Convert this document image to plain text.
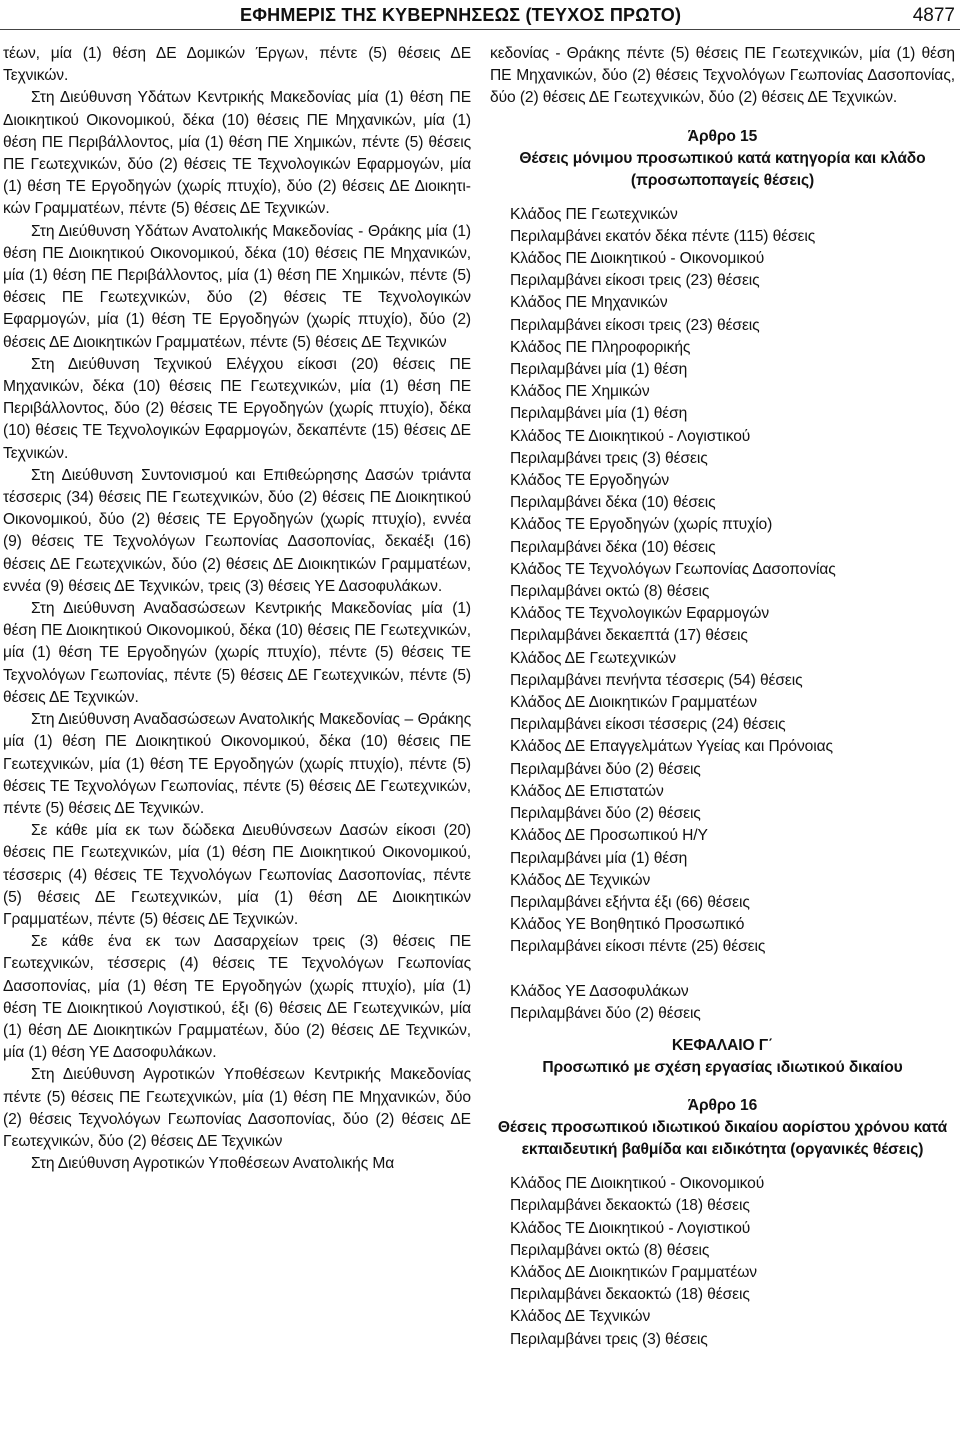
ΕΦΗΜΕΡΙΣ ΤΗΣ ΚΥΒΕΡΝΗΣΕΩΣ (ΤΕΥΧΟΣ ΠΡΩΤΟ)	4877
τέων, μία (1) θέση ΔΕ Δομικών Έργων, πέντε (5) θέσεις ΔΕ Τεχνικών.
Στη Διεύθυνση Υδάτων Κεντρικής Μακεδονίας μία (1) θέση ΠΕ Διοικητικού Οικονομικού, δέκα (10) θέσεις ΠΕ Μηχανικών, μία (1) θέση ΠΕ Περιβάλλοντος, μία (1) θέση ΠΕ Χημικών, πέντε (5) θέσεις ΠΕ Γεωτεχνικών, δύο (2) θέσεις ΤΕ Τεχνολογικών Εφαρμογών, μία (1) θέση ΤΕ Εργοδηγών (χωρίς πτυχίο), δύο (2) θέσεις ΔΕ Διοικητικών Γραμματέων, πέντε (5) θέσεις ΔΕ Τεχνικών.
Στη Διεύθυνση Υδάτων Ανατολικής Μακεδονίας - Θράκης μία (1) θέση ΠΕ Διοικητικού Οικονομικού, δέκα (10) θέσεις ΠΕ Μηχανικών, μία (1) θέση ΠΕ Περιβάλλοντος, μία (1) θέση ΠΕ Χημικών, πέντε (5) θέσεις ΠΕ Γεωτεχνικών, δύο (2) θέσεις ΤΕ Τεχνολογικών Εφαρμογών, μία (1) θέση ΤΕ Εργοδηγών (χωρίς πτυχίο), δύο (2) θέσεις ΔΕ Διοικητικών Γραμματέων, πέντε (5) θέσεις ΔΕ Τεχνικών
Στη Διεύθυνση Τεχνικού Ελέγχου είκοσι (20) θέσεις ΠΕ Μηχανικών, δέκα (10) θέσεις ΠΕ Γεωτεχνικών, μία (1) θέση ΠΕ Περιβάλλοντος, δύο (2) θέσεις ΤΕ Εργοδηγών (χωρίς πτυχίο), δέκα (10) θέσεις ΤΕ Τεχνολογικών Εφαρμογών, δεκαπέντε (15) θέσεις ΔΕ Τεχνικών.
Στη Διεύθυνση Συντονισμού και Επιθεώρησης Δασών τριάντα τέσσερις (34) θέσεις ΠΕ Γεωτεχνικών, δύο (2) θέσεις ΠΕ Διοικητικού Οικονομικού, δύο (2) θέσεις ΤΕ Εργοδηγών (χωρίς πτυχίο), εννέα (9) θέσεις ΤΕ Τεχνολόγων Γεωπονίας Δασοπονίας, δεκαέξι (16) θέσεις ΔΕ Γεωτεχνικών, δύο (2) θέσεις ΔΕ Διοικητικών Γραμματέων, εννέα (9) θέσεις ΔΕ Τεχνικών, τρεις (3) θέσεις ΥΕ Δασοφυλάκων.
Στη Διεύθυνση Αναδασώσεων Κεντρικής Μακεδονίας μία (1) θέση ΠΕ Διοικητικού Οικονομικού, δέκα (10) θέσεις ΠΕ Γεωτεχνικών, μία (1) θέση ΤΕ Εργοδηγών (χωρίς πτυχίο), πέντε (5) θέσεις ΤΕ Τεχνολόγων Γεωπονίας, πέντε (5) θέσεις ΔΕ Γεωτεχνικών, πέντε (5) θέσεις ΔΕ Τεχνικών.
Στη Διεύθυνση Αναδασώσεων Ανατολικής Μακεδονίας – Θράκης μία (1) θέση ΠΕ Διοικητικού Οικονομικού, δέκα (10) θέσεις ΠΕ Γεωτεχνικών, μία (1) θέση ΤΕ Εργοδηγών (χωρίς πτυχίο), πέντε (5) θέσεις ΤΕ Τεχνολόγων Γεωπονίας, πέντε (5) θέσεις ΔΕ Γεωτεχνικών, πέντε (5) θέσεις ΔΕ Τεχνικών.
Σε κάθε μία εκ των δώδεκα Διευθύνσεων Δασών είκοσι (20) θέσεις ΠΕ Γεωτεχνικών, μία (1) θέση ΠΕ Διοικητικού Οικονομικού, τέσσερις (4) θέσεις ΤΕ Τεχνολόγων Γεωπονίας Δασοπονίας, πέντε (5) θέσεις ΔΕ Γεωτεχνικών, μία (1) θέση ΔΕ Διοικητικών Γραμματέων, πέντε (5) θέσεις ΔΕ Τεχνικών.
Σε κάθε ένα εκ των Δασαρχείων τρεις (3) θέσεις ΠΕ Γεωτεχνικών, τέσσερις (4) θέσεις ΤΕ Τεχνολόγων Γεωπονίας Δασοπονίας, μία (1) θέση ΤΕ Εργοδηγών (χωρίς πτυχίο), μία (1) θέση ΤΕ Διοικητικού Λογιστικού, έξι (6) θέσεις ΔΕ Γεωτεχνικών, μία (1) θέση ΔΕ Διοικητικών Γραμματέων, δύο (2) θέσεις ΔΕ Τεχνικών, μία (1) θέση ΥΕ Δασοφυλάκων.
Στη Διεύθυνση Αγροτικών Υποθέσεων Κεντρικής Μακεδονίας πέντε (5) θέσεις ΠΕ Γεωτεχνικών, μία (1) θέση ΠΕ Μηχανικών, δύο (2) θέσεις Τεχνολόγων Γεωπονίας Δασοπονίας, δύο (2) θέσεις ΔΕ Γεωτεχνικών, δύο (2) θέσεις ΔΕ Τεχνικών
Στη Διεύθυνση Αγροτικών Υποθέσεων Ανατολικής Μα
κεδονίας - Θράκης πέντε (5) θέσεις ΠΕ Γεωτεχνικών, μία (1) θέση ΠΕ Μηχανικών, δύο (2) θέσεις Τεχνολόγων Γεωπονίας Δασοπονίας, δύο (2) θέσεις ΔΕ Γεωτεχνικών, δύο (2) θέσεις ΔΕ Τεχνικών.
Άρθρο 15
Θέσεις μόνιμου προσωπικού κατά κατηγορία και κλάδο (προσωποπαγείς θέσεις)
Κλάδος ΠΕ Γεωτεχνικών
Περιλαμβάνει εκατόν δέκα πέντε (115) θέσεις
Κλάδος ΠΕ Διοικητικού - Οικονομικού
Περιλαμβάνει είκοσι τρεις (23) θέσεις
Κλάδος ΠΕ Μηχανικών
Περιλαμβάνει είκοσι τρεις (23) θέσεις
Κλάδος ΠΕ Πληροφορικής
Περιλαμβάνει μία (1) θέση
Κλάδος ΠΕ Χημικών
Περιλαμβάνει μία (1) θέση
Κλάδος ΤΕ Διοικητικού - Λογιστικού
Περιλαμβάνει τρεις (3) θέσεις
Κλάδος ΤΕ Εργοδηγών
Περιλαμβάνει δέκα (10) θέσεις
Κλάδος ΤΕ Εργοδηγών (χωρίς πτυχίο)
Περιλαμβάνει δέκα (10) θέσεις
Κλάδος ΤΕ Τεχνολόγων Γεωπονίας Δασοπονίας
Περιλαμβάνει οκτώ (8) θέσεις
Κλάδος ΤΕ Τεχνολογικών Εφαρμογών
Περιλαμβάνει δεκαεπτά (17) θέσεις
Κλάδος ΔΕ Γεωτεχνικών
Περιλαμβάνει πενήντα τέσσερις (54) θέσεις
Κλάδος ΔΕ Διοικητικών Γραμματέων
Περιλαμβάνει είκοσι τέσσερις (24) θέσεις
Κλάδος ΔΕ Επαγγελμάτων Υγείας και Πρόνοιας
Περιλαμβάνει δύο (2) θέσεις
Κλάδος ΔΕ Επιστατών
Περιλαμβάνει δύο (2) θέσεις
Κλάδος ΔΕ Προσωπικού Η/Υ
Περιλαμβάνει μία (1) θέση
Κλάδος ΔΕ Τεχνικών
Περιλαμβάνει εξήντα έξι (66) θέσεις
Κλάδος ΥΕ Βοηθητικό Προσωπικό
Περιλαμβάνει είκοσι πέντε (25) θέσεις
Κλάδος ΥΕ Δασοφυλάκων
Περιλαμβάνει δύο (2) θέσεις
ΚΕΦΑΛΑΙΟ Γ΄
Προσωπικό με σχέση εργασίας ιδιωτικού δικαίου
Άρθρο 16
Θέσεις προσωπικού ιδιωτικού δικαίου αορίστου χρόνου κατά εκπαιδευτική βαθμίδα και ειδικότητα (οργανικές θέσεις)
Κλάδος ΠΕ Διοικητικού - Οικονομικού
Περιλαμβάνει δεκαοκτώ (18) θέσεις
Κλάδος ΤΕ Διοικητικού - Λογιστικού
Περιλαμβάνει οκτώ (8) θέσεις
Κλάδος ΔΕ Διοικητικών Γραμματέων
Περιλαμβάνει δεκαοκτώ (18) θέσεις
Κλάδος ΔΕ Τεχνικών
Περιλαμβάνει τρεις (3) θέσεις
